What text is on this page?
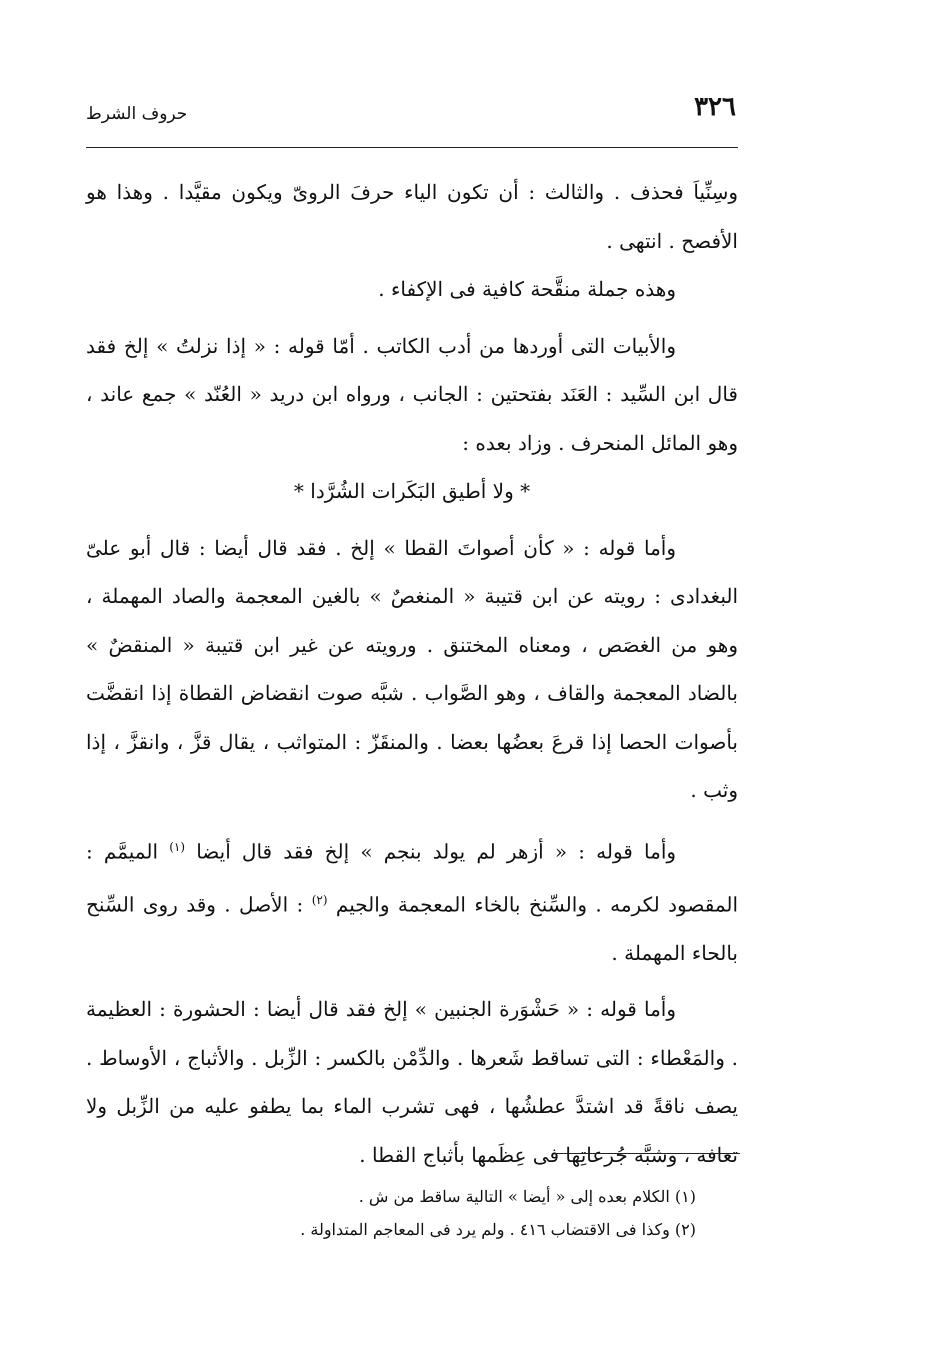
٣٢٦
حروف الشرط

وسِنِّياَ فحذف . والثالث : أن تكون الياء حرفَ الروىّ ويكون مقيَّدا . وهذا هو الأفصح . انتهى .

وهذه جملة منقَّحة كافية فى الإكفاء .

والأبيات التى أوردها من أدب الكاتب . أمّا قوله : « إذا نزلتُ » إلخ فقد قال ابن السِّيد : العَنَد بفتحتين : الجانب ، ورواه ابن دريد « العُنّد » جمع عاند ، وهو المائل المنحرف . وزاد بعده :

* ولا أطيق البَكَرات الشُرَّدا *

وأما قوله : « كأن أصواتَ القطا » إلخ . فقد قال أيضا : قال أبو علىّ البغدادى : رويته عن ابن قتيبة « المنغصٌ » بالغين المعجمة والصاد المهملة ، وهو من الغصَص ، ومعناه المختنق . ورويته عن غير ابن قتيبة « المنقضٌ » بالضاد المعجمة والقاف ، وهو الصَّواب . شبَّه صوت انقضاض القطاة إذا انقضَّت بأصوات الحصا إذا قرعَ بعضُها بعضا . والمنقَزّ : المتواثب ، يقال قزَّ ، وانقزَّ ، إذا وثب .

وأما قوله : « أزهر لم يولد بنجم » إلخ فقد قال أيضا $^{(١)}$ الميمَّم : المقصود لكرمه . والسِّنخ بالخاء المعجمة والجيم $^{(٢)}$ : الأصل . وقد روى السِّنح بالحاء المهملة .

وأما قوله : « حَشْوَرة الجنبين » إلخ فقد قال أيضا : الحشورة : العظيمة . والمَعْطاء : التى تساقط شَعرها . والدِّمْن بالكسر : الزِّبل . والأثباج ، الأوساط . يصف ناقةً قد اشتدَّ عطشُها ، فهى تشرب الماء بما يطفو عليه من الزِّبل ولا تعافه ، وشبَّه جُرعاتِها فى عِظَمها بأثباج القطا .

(١) الكلام بعده إلى « أيضا » التالية ساقط من ش .

(٢) وكذا فى الاقتضاب ٤١٦ . ولم يرد فى المعاجم المتداولة .
